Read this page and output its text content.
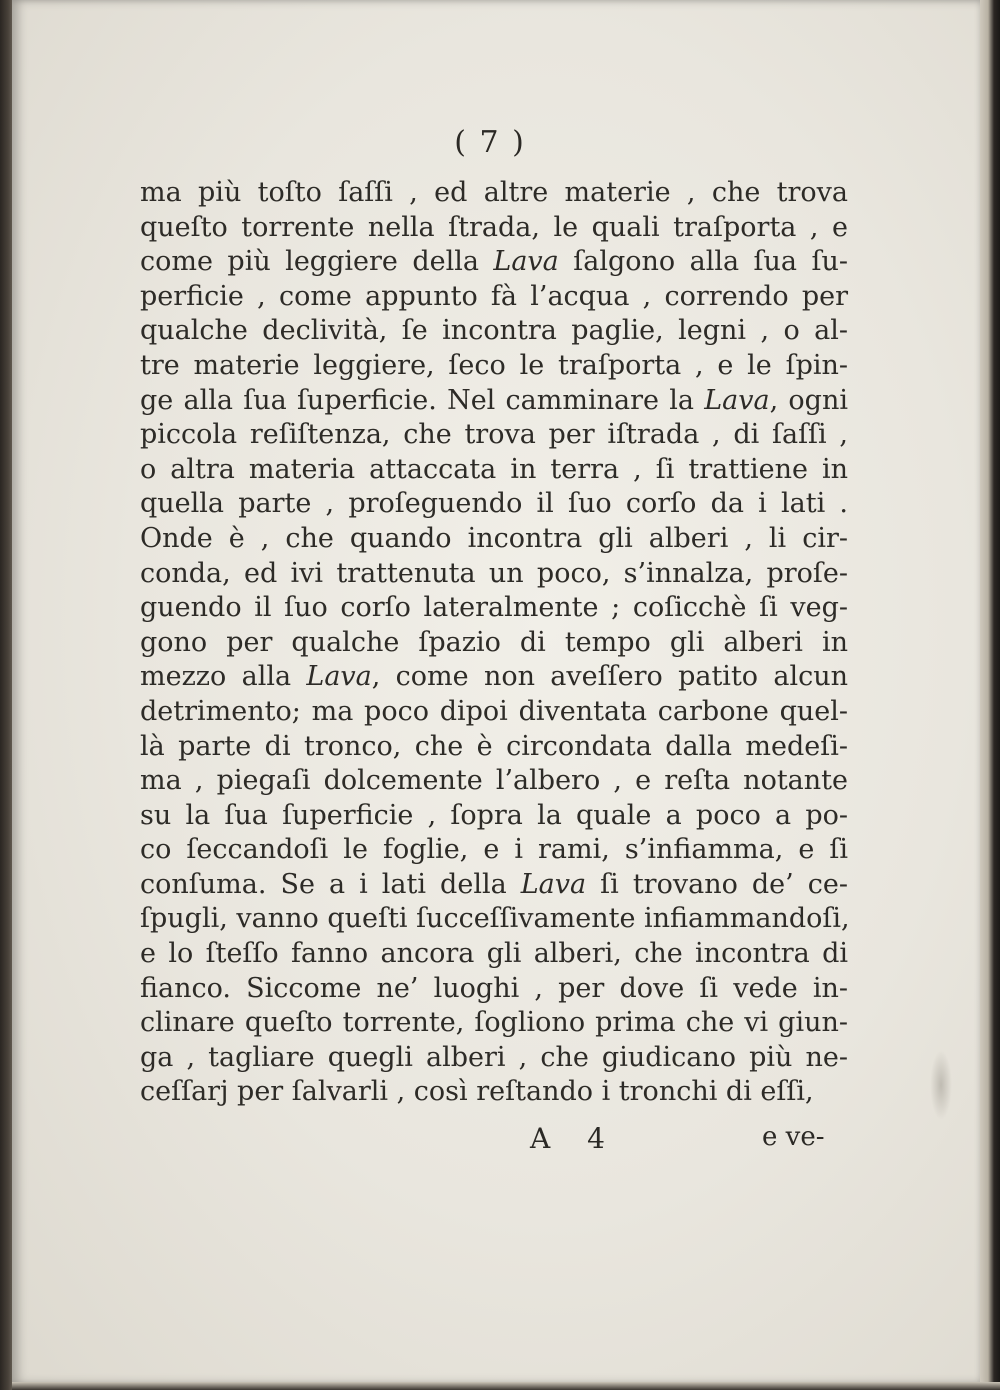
( 7 )
ma più toſto ſaſſi , ed altre materie , che trova
queſto torrente nella ſtrada, le quali traſporta , e
come più leggiere della Lava ſalgono alla ſua ſu-
perficie , come appunto fà l’acqua , correndo per
qualche declività, ſe incontra paglie, legni , o al-
tre materie leggiere, ſeco le traſporta , e le ſpin-
ge alla ſua ſuperficie. Nel camminare la Lava, ogni
piccola reſiſtenza, che trova per iſtrada , di ſaſſi ,
o altra materia attaccata in terra , ſi trattiene in
quella parte , proſeguendo il ſuo corſo da i lati .
Onde è , che quando incontra gli alberi , li cir-
conda, ed ivi trattenuta un poco, s’innalza, proſe-
guendo il ſuo corſo lateralmente ; coſicchè ſi veg-
gono per qualche ſpazio di tempo gli alberi in
mezzo alla Lava, come non aveſſero patito alcun
detrimento; ma poco dipoi diventata carbone quel-
là parte di tronco, che è circondata dalla medeſi-
ma , piegaſi dolcemente l’albero , e reſta notante
su la ſua ſuperficie , ſopra la quale a poco a po-
co ſeccandoſi le foglie, e i rami, s’infiamma, e ſi
conſuma. Se a i lati della Lava ſi trovano de’ ce-
ſpugli, vanno queſti ſucceſſivamente infiammandoſi,
e lo ſteſſo fanno ancora gli alberi, che incontra di
fianco. Siccome ne’ luoghi , per dove ſi vede in-
clinare queſto torrente, ſogliono prima che vi giun-
ga , tagliare quegli alberi , che giudicano più ne-
ceſſarj per ſalvarli , così reſtando i tronchi di eſſi,
A 4	e ve-
